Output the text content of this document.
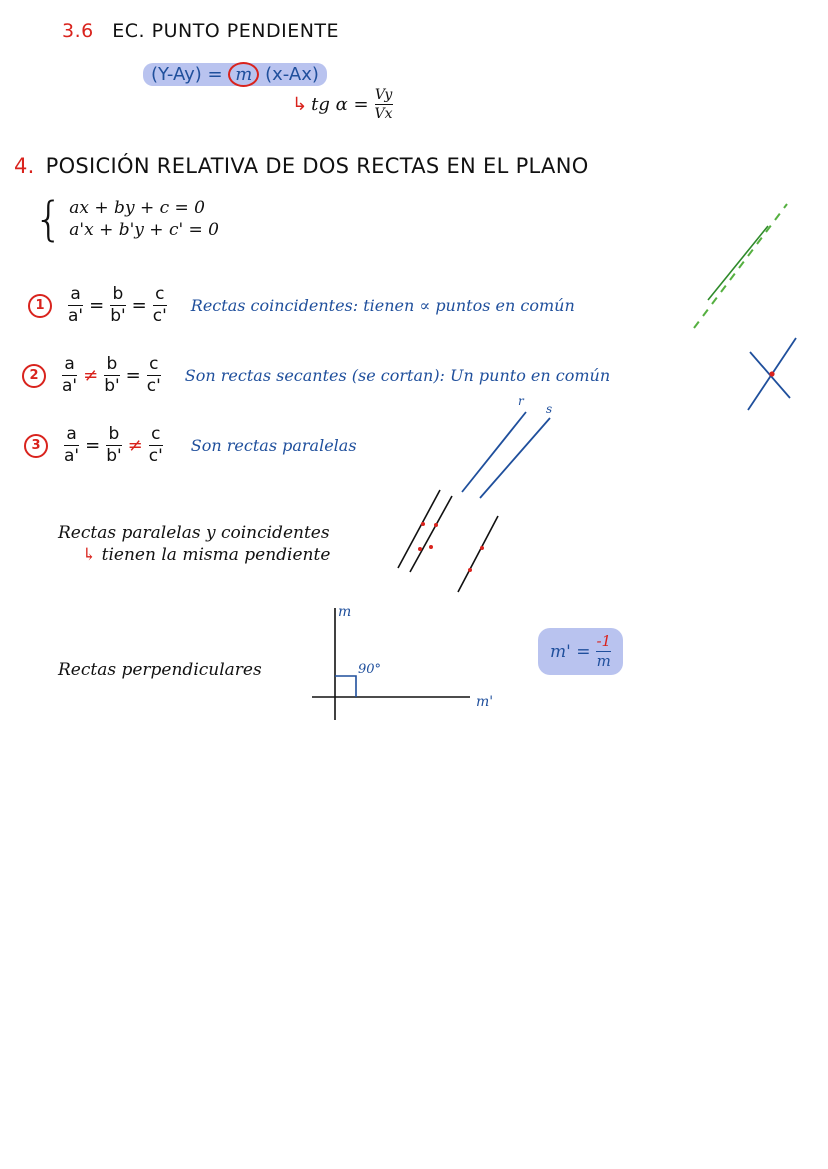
3.6 EC. PUNTO PENDIENTE
(Y-Ay) = m (x-Ax)
↳ tg $\alpha = \frac{Vy}{Vx}$
4. POSICIÓN RELATIVA DE DOS RECTAS EN EL PLANO
{ ax + by + c = 0
a'x + b'y + c' = 0
1	$\frac{a}{a'} = \frac{b}{b'} = \frac{c}{c'}$ Rectas coincidentes: tienen ∝ puntos en común
2	$\frac{a}{a'} \ne \frac{b}{b'} = \frac{c}{c'}$ Son rectas secantes (se cortan): Un punto en común
3	$\frac{a}{a'} = \frac{b}{b'} \ne \frac{c}{c'}$ Son rectas paralelas
Rectas paralelas y coincidentes
↳ tienen la misma pendiente
Rectas perpendiculares
m
90°
m'
$m' = \frac{-1}{m}$
r
s
